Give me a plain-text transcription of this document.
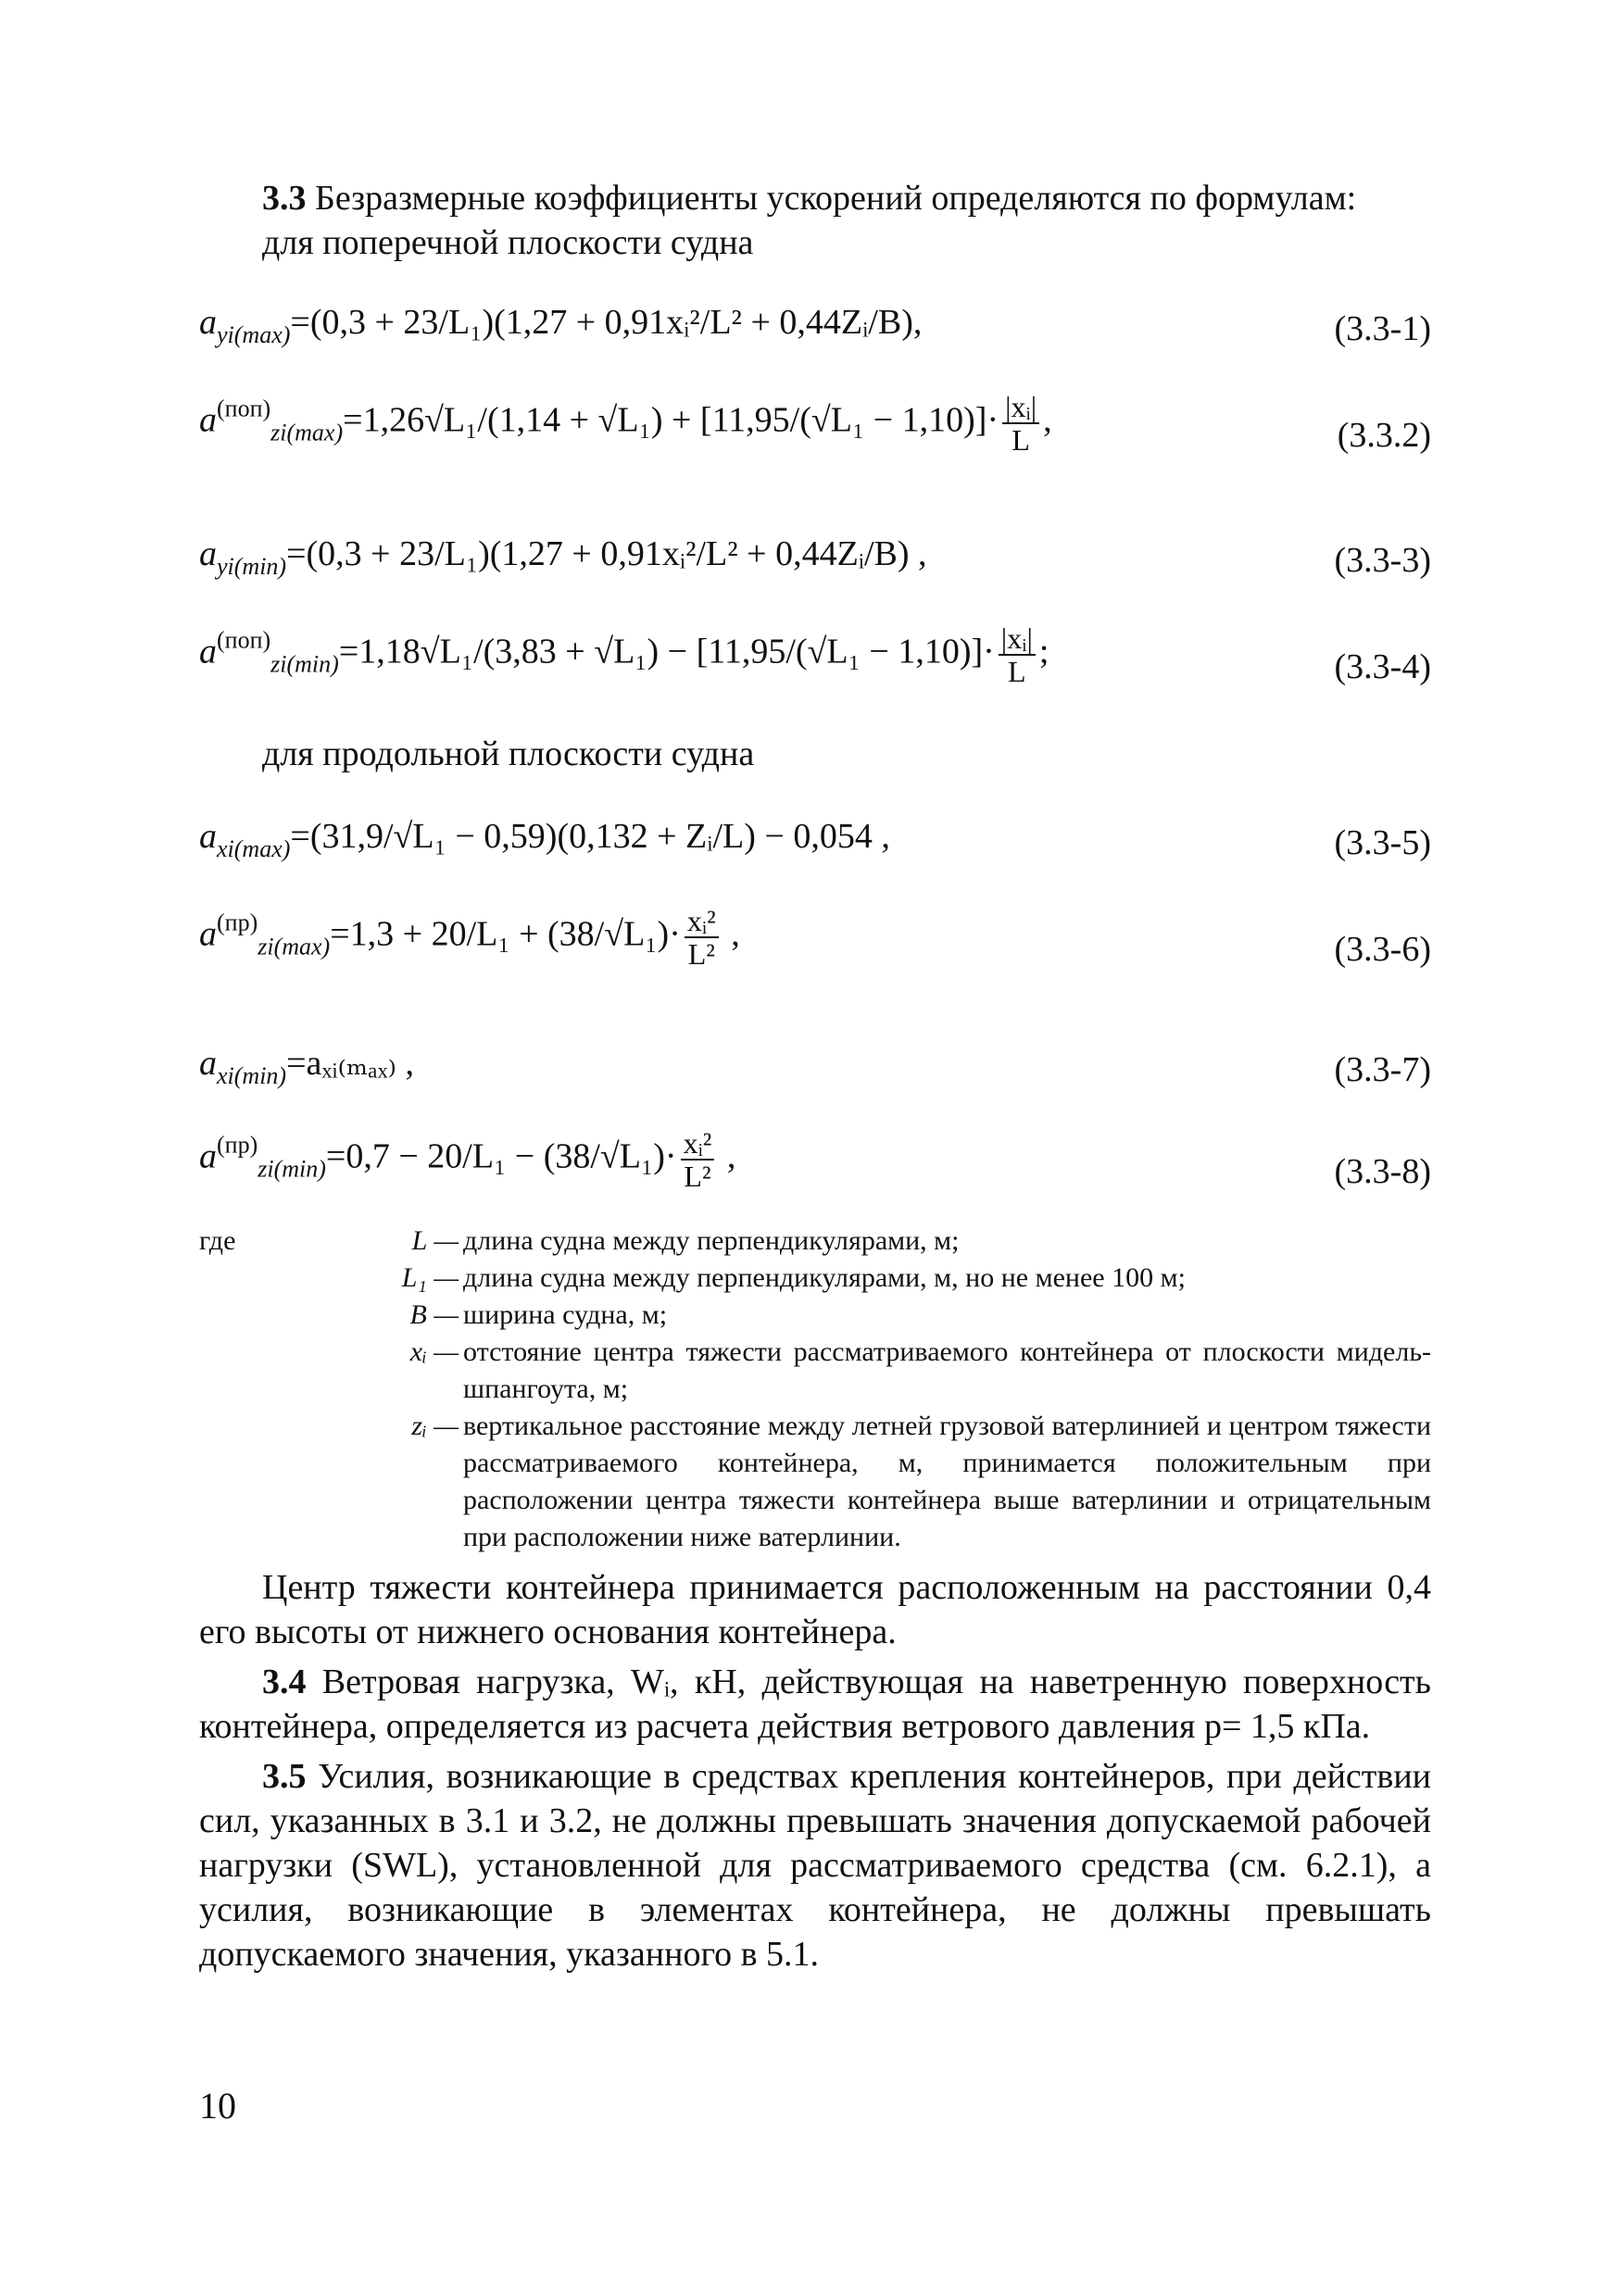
3.3 Безразмерные коэффициенты ускорений определяются по формулам:

для поперечной плоскости судна
$a_{yi(max)}=(0,3 + 23/L_1)(1,27$ + 0,91xᵢ²/L² + 0,44Zᵢ/B),	(3.3-1)
$a^{(поп)}_{zi(max)}=1,26√L_1/(1,14 + √L_1) + [11,95/(√L_1 - 1,10)]\cdot \frac{\text{|xᵢ|}}{L}$ ,	(3.3.2)
$a_{yi(min)}=(0,3 + 23/L_1)(1,27$ + 0,91xᵢ²/L² + 0,44Zᵢ/B) ,	(3.3-3)
$a^{(поп)}_{zi(min)}=1,18√L_1/(3,83 + √L_1) - [11,95/(√L_1 - 1,10)]\cdot \frac{\text{|xᵢ|}}{L}$ ;	(3.3-4)
для продольной плоскости судна
$a_{xi(max)}=(31,9/√L_1 - 0,59)(0,132$ + Zᵢ/L) − 0,054 ,	(3.3-5)
$a^{(пр)}_{zi(max)}=1,3 + 20/L_1 + (38/√L_1)\cdot \frac{\text{xᵢ²}}{\text{L²}}$ ,	(3.3-6)
$a_{xi(min)}=a_xᵢ_{(max)}$ ,	(3.3-7)
$a^{(пр)}_{zi(min)}=0,7 - 20/L_1 - (38/√L_1)\cdot \frac{\text{xᵢ²}}{\text{L²}}$ ,	(3.3-8)
где	L — длина судна между перпендикулярами, м;
L₁ — длина судна между перпендикулярами, м, но не менее 100 м;
B — ширина судна, м;
xᵢ — отстояние центра тяжести рассматриваемого контейнера от плоскости мидель-шпангоута, м;
zᵢ — вертикальное расстояние между летней грузовой ватерлинией и центром тяжести рассматриваемого контейнера, м, принимается положительным при расположении центра тяжести контейнера выше ватерлинии и отрицательным при расположении ниже ватерлинии.

Центр тяжести контейнера принимается расположенным на расстоянии 0,4 его высоты от нижнего основания контейнера.

3.4 Ветровая нагрузка, Wᵢ, кН, действующая на наветренную поверхность контейнера, определяется из расчета действия ветрового давления p= 1,5 кПа.

3.5 Усилия, возникающие в средствах крепления контейнеров, при действии сил, указанных в 3.1 и 3.2, не должны превышать значения допускаемой рабочей нагрузки (SWL), установленной для рассматриваемого средства (см. 6.2.1), а усилия, возникающие в элементах контейнера, не должны превышать допускаемого значения, указанного в 5.1.

10
